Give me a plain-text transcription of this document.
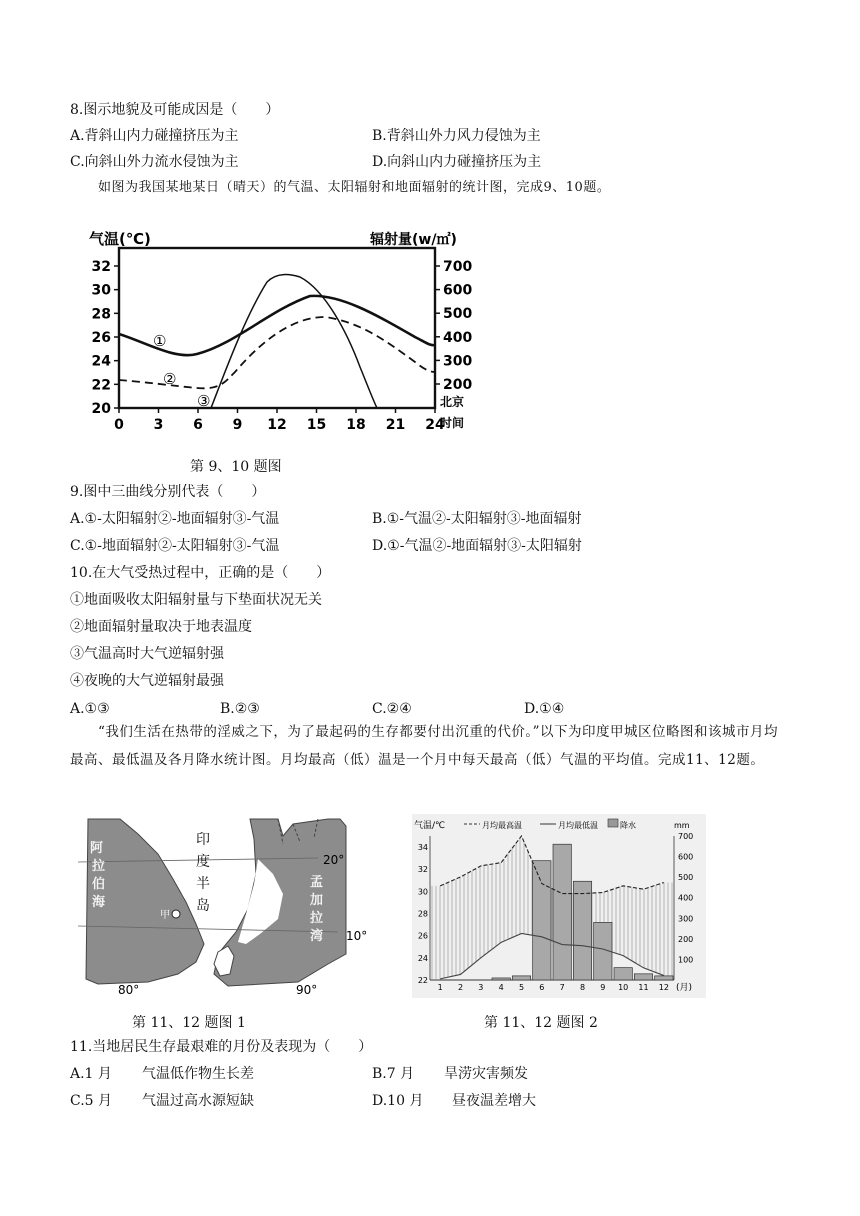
8.图示地貌及可能成因是（　　）
A.背斜山内力碰撞挤压为主	B.背斜山外力风力侵蚀为主
C.向斜山外力流水侵蚀为主	D.向斜山内力碰撞挤压为主
如图为我国某地某日（晴天）的气温、太阳辐射和地面辐射的统计图，完成9、10题。
气温(℃)	辐射量(w/㎡)
32
30
28
26
24
22
20
700
600
500
400
300
200
0 3 6 9 12 15 18 21 24
①
②
③	北京
时间
第 9、10 题图
9.图中三曲线分别代表（　　）
A.①-太阳辐射②-地面辐射③-气温	B.①-气温②-太阳辐射③-地面辐射
C.①-地面辐射②-太阳辐射③-气温	D.①-气温②-地面辐射③-太阳辐射
10.在大气受热过程中，正确的是（　　）
①地面吸收太阳辐射量与下垫面状况无关
②地面辐射量取决于地表温度
③气温高时大气逆辐射强
④夜晚的大气逆辐射最强
A.①③	B.②③	C.②④	D.①④
“我们生活在热带的淫威之下，为了最起码的生存都要付出沉重的代价。”以下为印度甲城区位略图和该城市月均最高、最低温及各月降水统计图。月均最高（低）温是一个月中每天最高（低）气温的平均值。完成11、12题。
甲
阿
拉
伯
海
印
度
半
岛
孟
加
拉
湾
20°
10°
80°	90°
第 11、12 题图 1
气温/℃	月均最高温	月均最低温	降水	mm
34
32
30
28
26
24
22
700
600
500
400
300
200
100
1 2 3 4 5 6 7 8 9 10 11 12 (月)
第 11、12 题图 2
11.当地居民生存最艰难的月份及表现为（　　）
A.1 月 气温低作物生长差	B.7 月 旱涝灾害频发
C.5 月 气温过高水源短缺	D.10 月 昼夜温差增大
